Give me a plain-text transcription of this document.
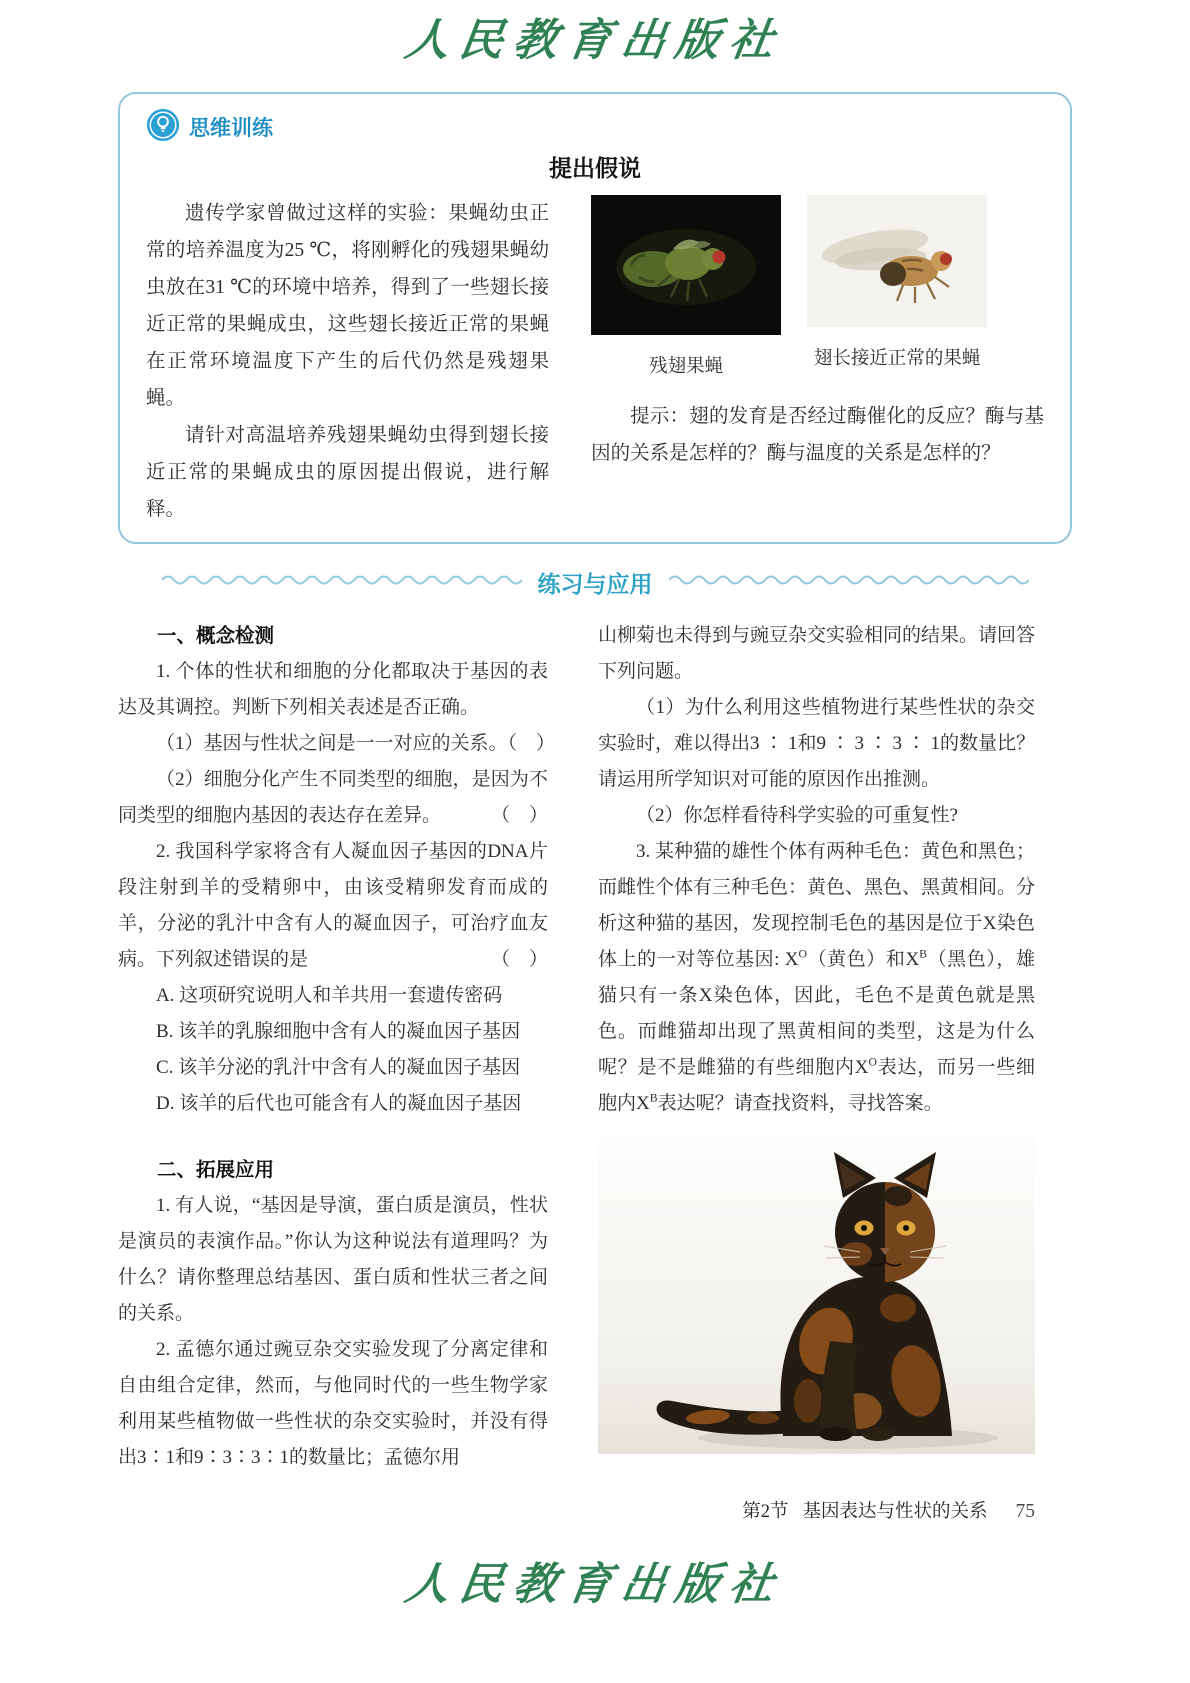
人民教育出版社
思维训练
提出假说

遗传学家曾做过这样的实验：果蝇幼虫正常的培养温度为25 ℃，将刚孵化的残翅果蝇幼虫放在31 ℃的环境中培养，得到了一些翅长接近正常的果蝇成虫，这些翅长接近正常的果蝇在正常环境温度下产生的后代仍然是残翅果蝇。

请针对高温培养残翅果蝇幼虫得到翅长接近正常的果蝇成虫的原因提出假说，进行解释。

残翅果蝇	翅长接近正常的果蝇

提示：翅的发育是否经过酶催化的反应？酶与基因的关系是怎样的？酶与温度的关系是怎样的？

练习与应用
一、概念检测

1. 个体的性状和细胞的分化都取决于基因的表达及其调控。判断下列相关表述是否正确。

（1）基因与性状之间是一一对应的关系。（　）

（2）细胞分化产生不同类型的细胞，是因为不同类型的细胞内基因的表达存在差异。	（　）

2. 我国科学家将含有人凝血因子基因的DNA片段注射到羊的受精卵中，由该受精卵发育而成的羊，分泌的乳汁中含有人的凝血因子，可治疗血友病。下列叙述错误的是	（　）

A. 这项研究说明人和羊共用一套遗传密码
B. 该羊的乳腺细胞中含有人的凝血因子基因
C. 该羊分泌的乳汁中含有人的凝血因子基因
D. 该羊的后代也可能含有人的凝血因子基因
二、拓展应用

1. 有人说，“基因是导演，蛋白质是演员，性状是演员的表演作品。”你认为这种说法有道理吗？为什么？请你整理总结基因、蛋白质和性状三者之间的关系。

2. 孟德尔通过豌豆杂交实验发现了分离定律和自由组合定律，然而，与他同时代的一些生物学家利用某些植物做一些性状的杂交实验时，并没有得出3∶1和9∶3∶3∶1的数量比；孟德尔用

山柳菊也未得到与豌豆杂交实验相同的结果。请回答下列问题。

（1）为什么利用这些植物进行某些性状的杂交实验时，难以得出3 ∶ 1和9 ∶ 3 ∶ 3 ∶ 1的数量比？请运用所学知识对可能的原因作出推测。

（2）你怎样看待科学实验的可重复性?

3. 某种猫的雄性个体有两种毛色：黄色和黑色；而雌性个体有三种毛色：黄色、黑色、黑黄相间。分析这种猫的基因，发现控制毛色的基因是位于X染色体上的一对等位基因: $X^O$（黄色）和$X^B$（黑色），雄猫只有一条X染色体，因此，毛色不是黄色就是黑色。而雌猫却出现了黑黄相间的类型，这是为什么呢？是不是雌猫的有些细胞内$X^O$表达，而另一些细胞内$X^B$表达呢？请查找资料，寻找答案。

第2节 基因表达与性状的关系 75
人民教育出版社
